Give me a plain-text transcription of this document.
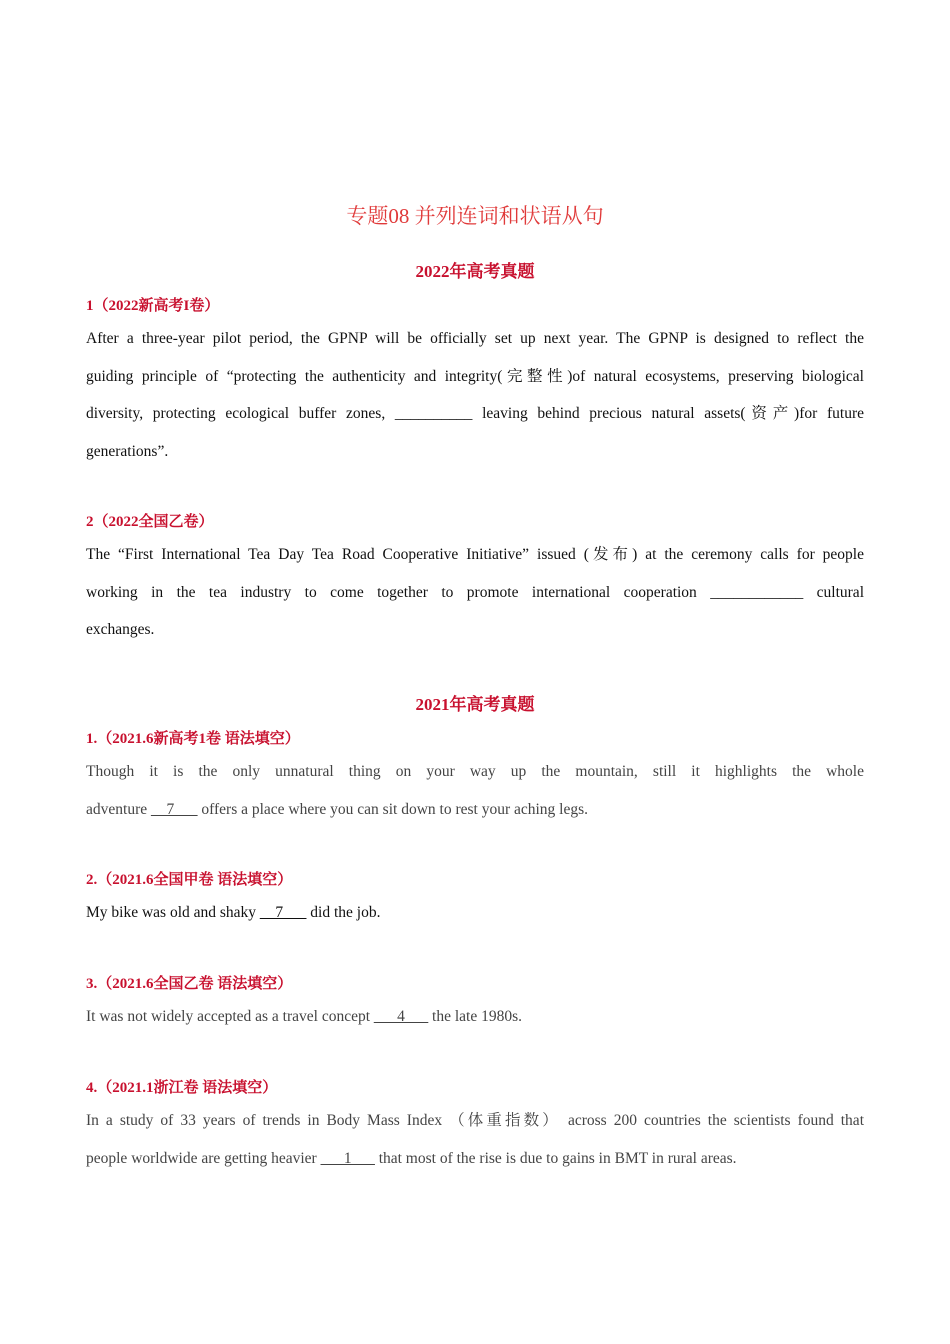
专题08 并列连词和状语从句
2022年高考真题
1（2022新高考I卷）
After a three-year pilot period, the GPNP will be officially set up next year. The GPNP is designed to reflect the
guiding principle of “protecting the authenticity and integrity(完整性)of natural ecosystems, preserving biological
diversity, protecting ecological buffer zones, __________ leaving behind precious natural assets(资产)for future
generations”.
2（2022全国乙卷）
The “First International Tea Day Tea Road Cooperative Initiative” issued (发布) at the ceremony calls for people
working in the tea industry to come together to promote international cooperation ____________ cultural
exchanges.
2021年高考真题
1.（2021.6新高考1卷 语法填空）
Though it is the only unnatural thing on your way up the mountain, still it highlights the whole
adventure __7___ offers a place where you can sit down to rest your aching legs.
2.（2021.6全国甲卷 语法填空）
My bike was old and shaky __7___ did the job.
3.（2021.6全国乙卷 语法填空）
It was not widely accepted as a travel concept ___4___ the late 1980s.
4.（2021.1浙江卷 语法填空）
In a study of 33 years of trends in Body Mass Index （体重指数） across 200 countries the scientists found that
people worldwide are getting heavier ___1___ that most of the rise is due to gains in BMT in rural areas.
